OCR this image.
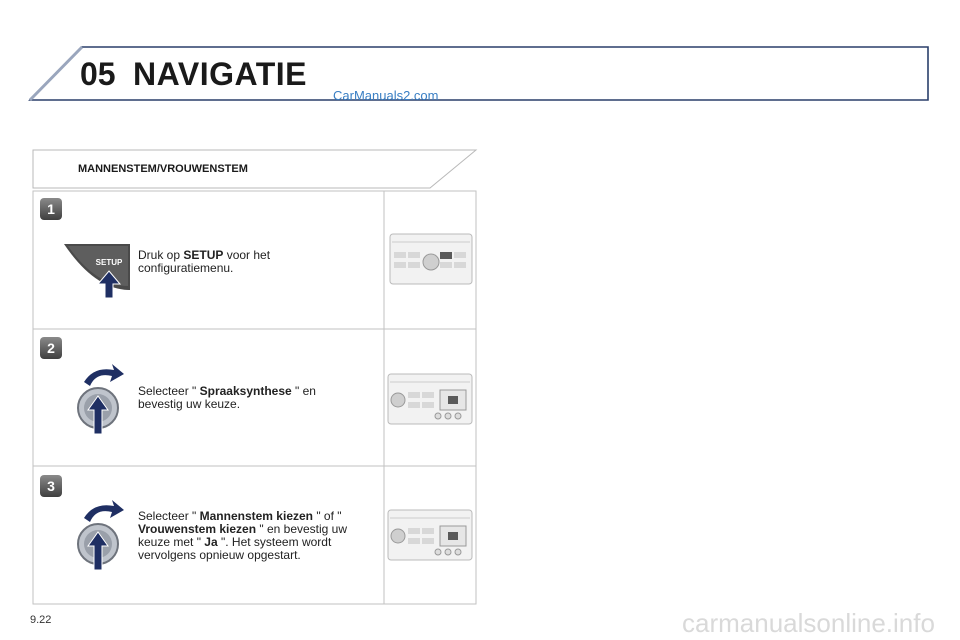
05 NAVIGATIE
CarManuals2.com
MANNENSTEM/VROUWENSTEM
1
SETUP
Druk op SETUP voor het configuratiemenu.
2
Selecteer " Spraaksynthese " en bevestig uw keuze.
3
Selecteer " Mannenstem kiezen " of " Vrouwenstem kiezen " en bevestig uw keuze met " Ja ". Het systeem wordt vervolgens opnieuw opgestart.
9.22	carmanualsonline.info
